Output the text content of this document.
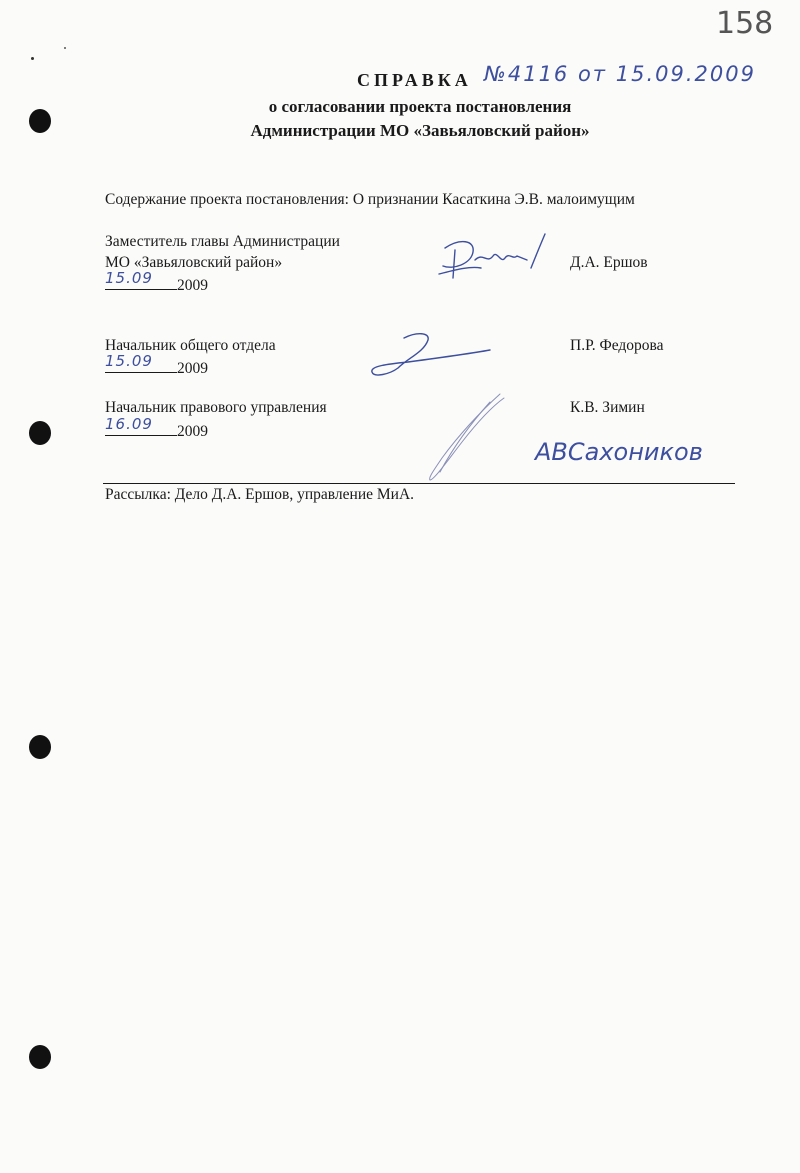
158
СПРАВКА №4116 от 15.09.2009
о согласовании проекта постановления
Администрации МО «Завьяловский район»
Содержание проекта постановления: О признании Касаткина Э.В. малоимущим
Заместитель главы Администрации
МО «Завьяловский район»
15.09 2009
Д.А. Ершов
Начальник общего отдела
15.09 2009
П.Р. Федорова
Начальник правового управления
16.09 2009
К.В. Зимин
АВСахоников
Рассылка: Дело Д.А. Ершов, управление МиА.
